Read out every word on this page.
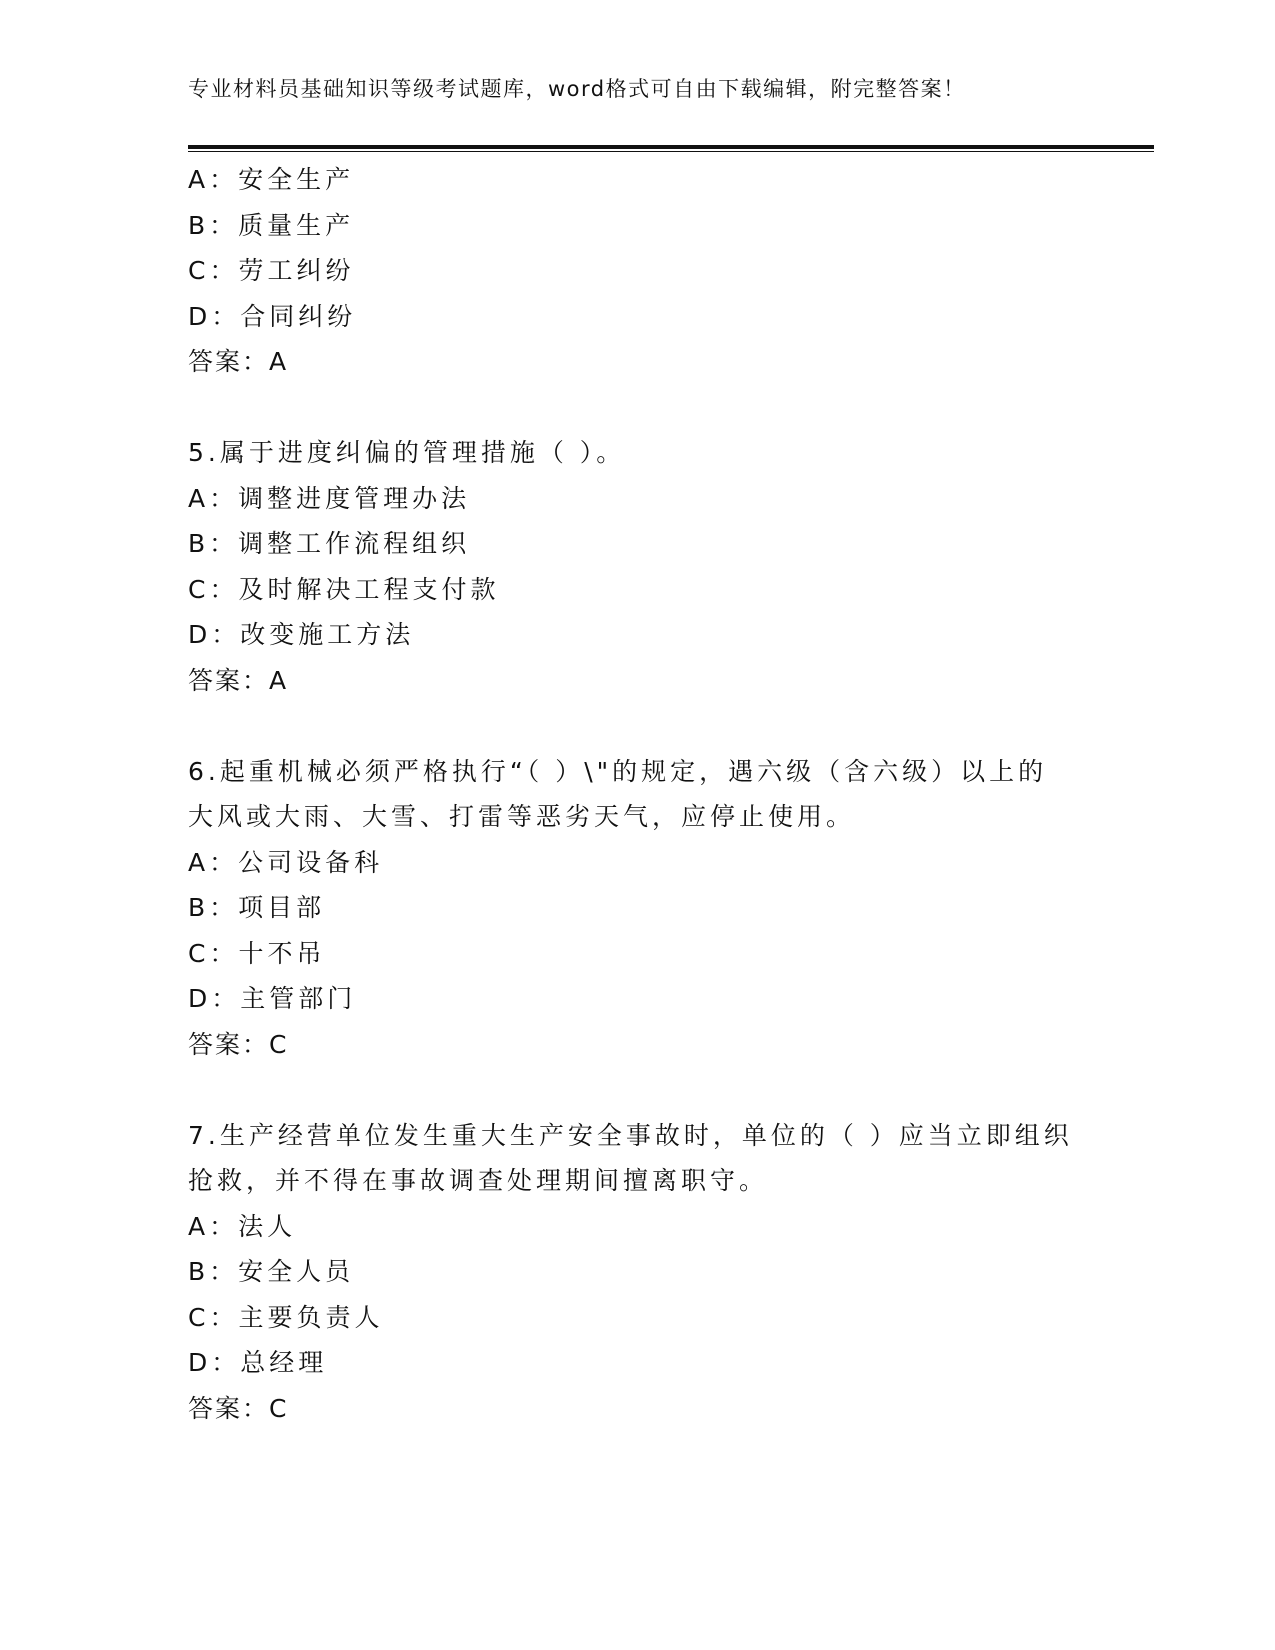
专业材料员基础知识等级考试题库，word格式可自由下载编辑，附完整答案！
A：安全生产
B：质量生产
C：劳工纠纷
D：合同纠纷
答案：A
5.属于进度纠偏的管理措施（ ）。
A：调整进度管理办法
B：调整工作流程组织
C：及时解决工程支付款
D：改变施工方法
答案：A
6.起重机械必须严格执行“（ ）\"的规定，遇六级（含六级）以上的
大风或大雨、大雪、打雷等恶劣天气，应停止使用。
A：公司设备科
B：项目部
C：十不吊
D：主管部门
答案：C
7.生产经营单位发生重大生产安全事故时，单位的（ ）应当立即组织
抢救，并不得在事故调查处理期间擅离职守。
A：法人
B：安全人员
C：主要负责人
D：总经理
答案：C
